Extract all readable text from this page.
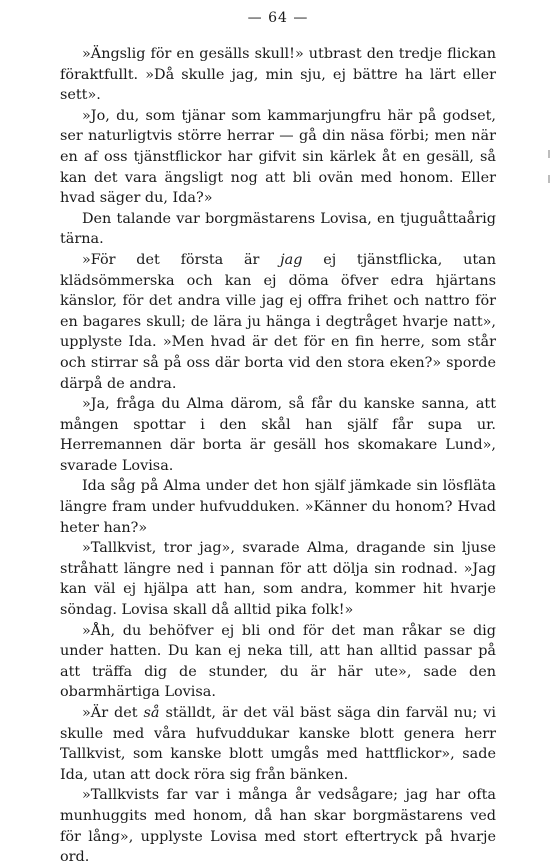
— 64 —

»Ängslig för en gesälls skull!» utbrast den tredje flickan föraktfullt. »Då skulle jag, min sju, ej bättre ha lärt eller sett».

»Jo, du, som tjänar som kammarjungfru här på godset, ser naturligtvis större herrar — gå din näsa förbi; men när en af oss tjänstflickor har gifvit sin kärlek åt en gesäll, så kan det vara ängsligt nog att bli ovän med honom. Eller hvad säger du, Ida?»

Den talande var borgmästarens Lovisa, en tjuguåttaårig tärna.

»För det första är jag ej tjänstflicka, utan klädsömmerska och kan ej döma öfver edra hjärtans känslor, för det andra ville jag ej offra frihet och nattro för en bagares skull; de lära ju hänga i degtråget hvarje natt», upplyste Ida. »Men hvad är det för en fin herre, som står och stirrar så på oss där borta vid den stora eken?» sporde därpå de andra.

»Ja, fråga du Alma därom, så får du kanske sanna, att mången spottar i den skål han själf får supa ur. Herremannen där borta är gesäll hos skomakare Lund», svarade Lovisa.

Ida såg på Alma under det hon själf jämkade sin lösfläta längre fram under hufvudduken. »Känner du honom? Hvad heter han?»

»Tallkvist, tror jag», svarade Alma, dragande sin ljuse stråhatt längre ned i pannan för att dölja sin rodnad. »Jag kan väl ej hjälpa att han, som andra, kommer hit hvarje söndag. Lovisa skall då alltid pika folk!»

»Åh, du behöfver ej bli ond för det man råkar se dig under hatten. Du kan ej neka till, att han alltid passar på att träffa dig de stunder, du är här ute», sade den obarmhärtiga Lovisa.

»Är det så ställdt, är det väl bäst säga din farväl nu; vi skulle med våra hufvuddukar kanske blott genera herr Tallkvist, som kanske blott umgås med hattflickor», sade Ida, utan att dock röra sig från bänken.

»Tallkvists far var i många år vedsågare; jag har ofta munhuggits med honom, då han skar borgmästarens ved för lång», upplyste Lovisa med stort eftertryck på hvarje ord.
